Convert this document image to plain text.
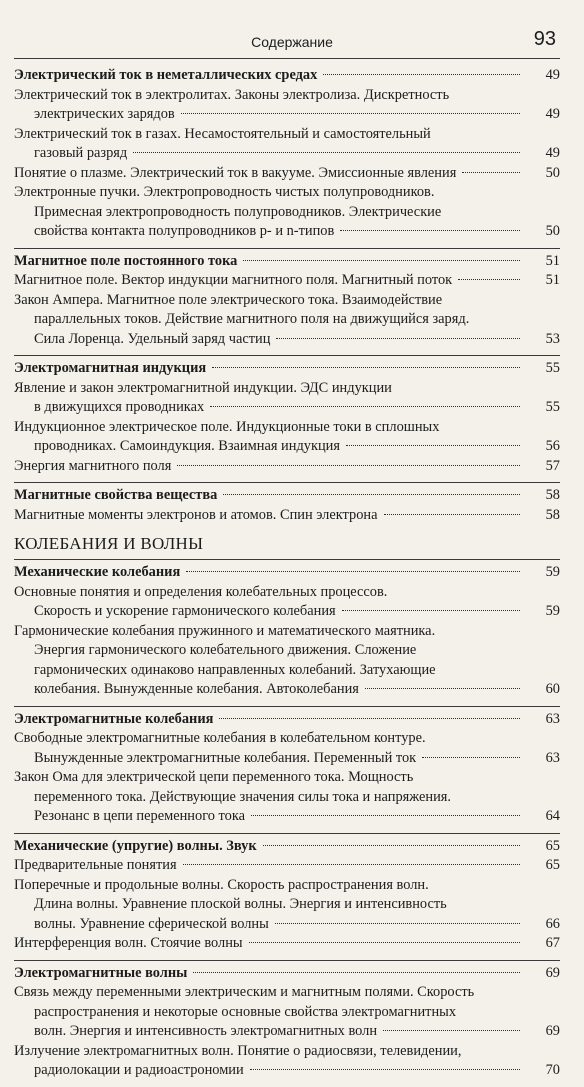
Содержание	93
Электрический ток в неметаллических средах	49
Электрический ток в электролитах. Законы электролиза. Дискретность
электрических зарядов	49
Электрический ток в газах. Несамостоятельный и самостоятельный
газовый разряд	49
Понятие о плазме. Электрический ток в вакууме. Эмиссионные явления	50
Электронные пучки. Электропроводность чистых полупроводников.
Примесная электропроводность полупроводников. Электрические
свойства контакта полупроводников p- и n-типов	50
Магнитное поле постоянного тока	51
Магнитное поле. Вектор индукции магнитного поля. Магнитный поток	51
Закон Ампера. Магнитное поле электрического тока. Взаимодействие
параллельных токов. Действие магнитного поля на движущийся заряд.
Сила Лоренца. Удельный заряд частиц	53
Электромагнитная индукция	55
Явление и закон электромагнитной индукции. ЭДС индукции
в движущихся проводниках	55
Индукционное электрическое поле. Индукционные токи в сплошных
проводниках. Самоиндукция. Взаимная индукция	56
Энергия магнитного поля	57
Магнитные свойства вещества	58
Магнитные моменты электронов и атомов. Спин электрона	58
КОЛЕБАНИЯ И ВОЛНЫ
Механические колебания	59
Основные понятия и определения колебательных процессов.
Скорость и ускорение гармонического колебания	59
Гармонические колебания пружинного и математического маятника.
Энергия гармонического колебательного движения. Сложение
гармонических одинаково направленных колебаний. Затухающие
колебания. Вынужденные колебания. Автоколебания	60
Электромагнитные колебания	63
Свободные электромагнитные колебания в колебательном контуре.
Вынужденные электромагнитные колебания. Переменный ток	63
Закон Ома для электрической цепи переменного тока. Мощность
переменного тока. Действующие значения силы тока и напряжения.
Резонанс в цепи переменного тока	64
Механические (упругие) волны. Звук	65
Предварительные понятия	65
Поперечные и продольные волны. Скорость распространения волн.
Длина волны. Уравнение плоской волны. Энергия и интенсивность
волны. Уравнение сферической волны	66
Интерференция волн. Стоячие волны	67
Электромагнитные волны	69
Связь между переменными электрическим и магнитным полями. Скорость
распространения и некоторые основные свойства электромагнитных
волн. Энергия и интенсивность электромагнитных волн	69
Излучение электромагнитных волн. Понятие о радиосвязи, телевидении,
радиолокации и радиоастрономии	70
